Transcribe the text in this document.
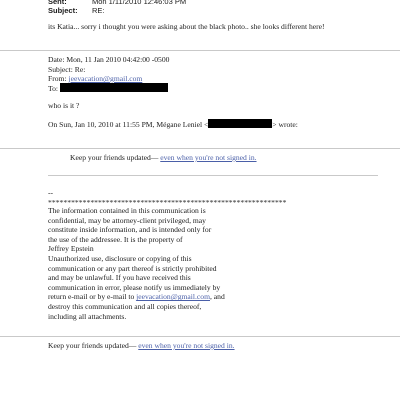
Sent:	Mon 1/11/2010 12:46:03 PM
Subject: RE:
its Katia... sorry i thought you were asking about the black photo.. she looks different here!
Date: Mon, 11 Jan 2010 04:42:00 -0500
Subject: Re:
From: jeevacation@gmail.com
To:
who is it ?
On Sun, Jan 10, 2010 at 11:55 PM, Mégane Leniel <	> wrote:
Keep your friends updated— even when you're not signed in.
--
**************************************************************
The information contained in this communication is
confidential, may be attorney-client privileged, may
constitute inside information, and is intended only for
the use of the addressee. It is the property of
Jeffrey Epstein
Unauthorized use, disclosure or copying of this
communication or any part thereof is strictly prohibited
and may be unlawful. If you have received this
communication in error, please notify us immediately by
return e-mail or by e-mail to jeevacation@gmail.com, and
destroy this communication and all copies thereof,
including all attachments.
Keep your friends updated— even when you're not signed in.
